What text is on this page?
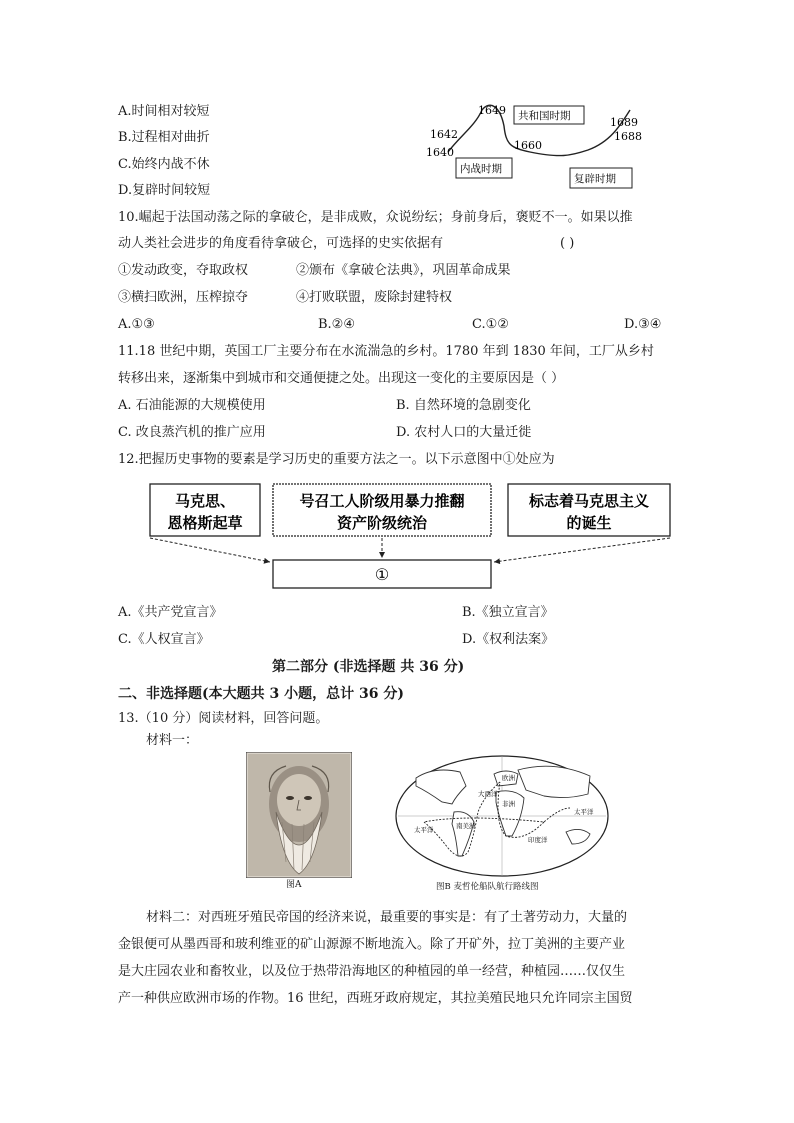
A.时间相对较短
B.过程相对曲折
C.始终内战不休
D.复辟时间较短
1640
1642
1649
1660
1688
1689
共和国时期
内战时期
复辟时期
10.崛起于法国动荡之际的拿破仑，是非成败，众说纷纭；身前身后，褒贬不一。如果以推
动人类社会进步的角度看待拿破仑，可选择的史实依据有	( )
①发动政变，夺取政权	②颁布《拿破仑法典》，巩固革命成果
③横扫欧洲，压榨掠夺	④打败联盟，废除封建特权
A.①③	B.②④	C.①②	D.③④
11.18 世纪中期，英国工厂主要分布在水流湍急的乡村。1780 年到 1830 年间，工厂从乡村
转移出来，逐渐集中到城市和交通便捷之处。出现这一变化的主要原因是（ ）
A. 石油能源的大规模使用	B. 自然环境的急剧变化
C. 改良蒸汽机的推广应用	D. 农村人口的大量迁徙
12.把握历史事物的要素是学习历史的重要方法之一。以下示意图中①处应为
马克思、
恩格斯起草
号召工人阶级用暴力推翻
资产阶级统治
标志着马克思主义
的诞生
①
A.《共产党宣言》	B.《独立宣言》
C.《人权宣言》	D.《权利法案》
第二部分 (非选择题 共 36 分)
二、非选择题(本大题共 3 小题，总计 36 分)
13.（10 分）阅读材料，回答问题。
材料一：
图A
欧洲
大西洋
非洲
南美洲
太平洋
太平洋
印度洋
图B 麦哲伦船队航行路线图
材料二：对西班牙殖民帝国的经济来说，最重要的事实是：有了土著劳动力，大量的
金银便可从墨西哥和玻利维亚的矿山源源不断地流入。除了开矿外，拉丁美洲的主要产业
是大庄园农业和畜牧业，以及位于热带沿海地区的种植园的单一经营，种植园……仅仅生
产一种供应欧洲市场的作物。16 世纪，西班牙政府规定，其拉美殖民地只允许同宗主国贸
